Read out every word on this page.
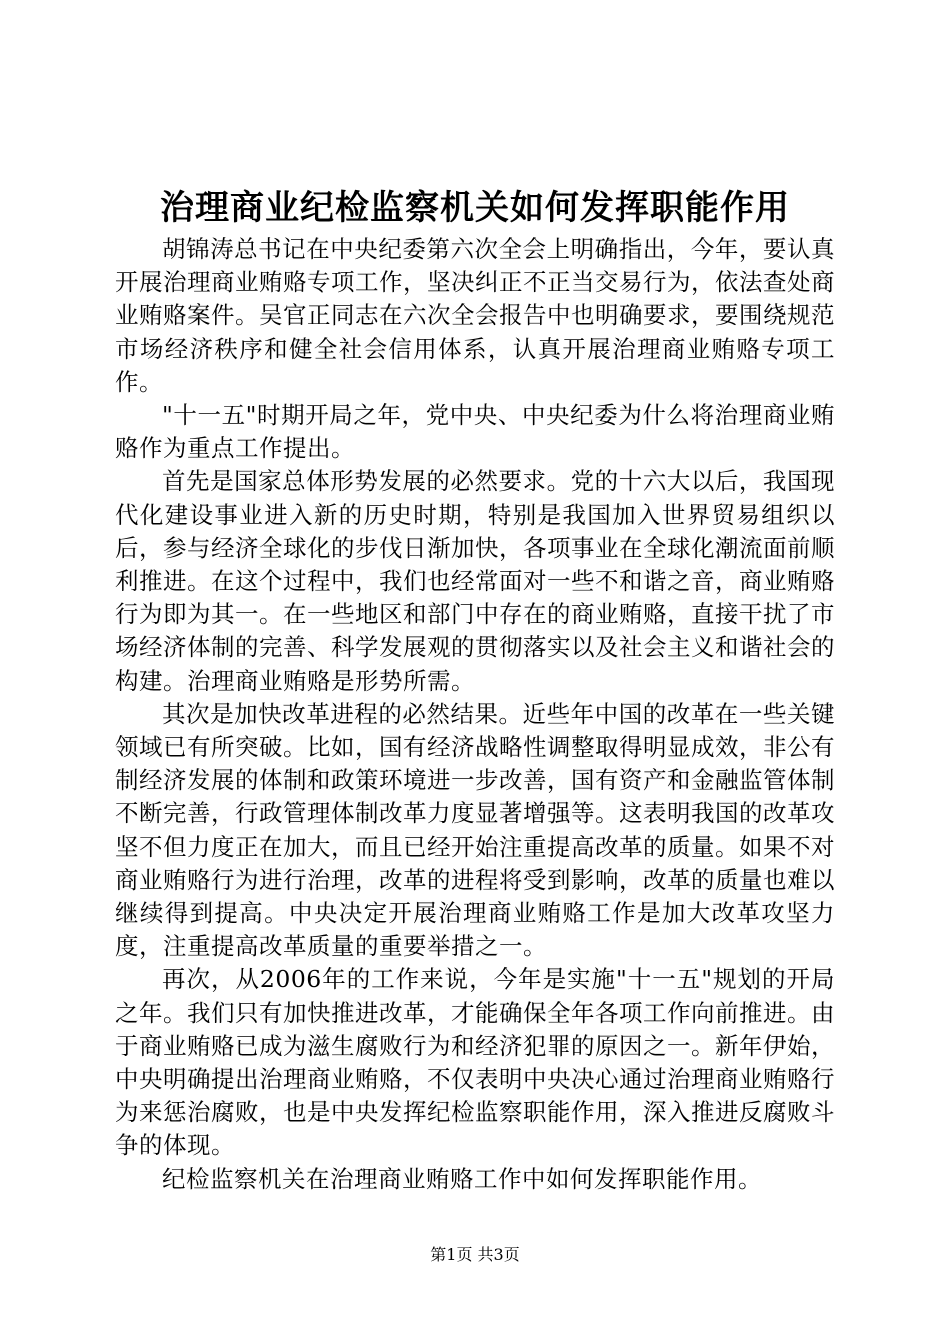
治理商业纪检监察机关如何发挥职能作用

胡锦涛总书记在中央纪委第六次全会上明确指出，今年，要认真开展治理商业贿赂专项工作，坚决纠正不正当交易行为，依法查处商业贿赂案件。吴官正同志在六次全会报告中也明确要求，要围绕规范市场经济秩序和健全社会信用体系，认真开展治理商业贿赂专项工作。

"十一五"时期开局之年，党中央、中央纪委为什么将治理商业贿赂作为重点工作提出。

首先是国家总体形势发展的必然要求。党的十六大以后，我国现代化建设事业进入新的历史时期，特别是我国加入世界贸易组织以后，参与经济全球化的步伐日渐加快，各项事业在全球化潮流面前顺利推进。在这个过程中，我们也经常面对一些不和谐之音，商业贿赂行为即为其一。在一些地区和部门中存在的商业贿赂，直接干扰了市场经济体制的完善、科学发展观的贯彻落实以及社会主义和谐社会的构建。治理商业贿赂是形势所需。

其次是加快改革进程的必然结果。近些年中国的改革在一些关键领域已有所突破。比如，国有经济战略性调整取得明显成效，非公有制经济发展的体制和政策环境进一步改善，国有资产和金融监管体制不断完善，行政管理体制改革力度显著增强等。这表明我国的改革攻坚不但力度正在加大，而且已经开始注重提高改革的质量。如果不对商业贿赂行为进行治理，改革的进程将受到影响，改革的质量也难以继续得到提高。中央决定开展治理商业贿赂工作是加大改革攻坚力度，注重提高改革质量的重要举措之一。

再次，从2006年的工作来说，今年是实施"十一五"规划的开局之年。我们只有加快推进改革，才能确保全年各项工作向前推进。由于商业贿赂已成为滋生腐败行为和经济犯罪的原因之一。新年伊始，中央明确提出治理商业贿赂，不仅表明中央决心通过治理商业贿赂行为来惩治腐败，也是中央发挥纪检监察职能作用，深入推进反腐败斗争的体现。

纪检监察机关在治理商业贿赂工作中如何发挥职能作用。

第1页 共3页
